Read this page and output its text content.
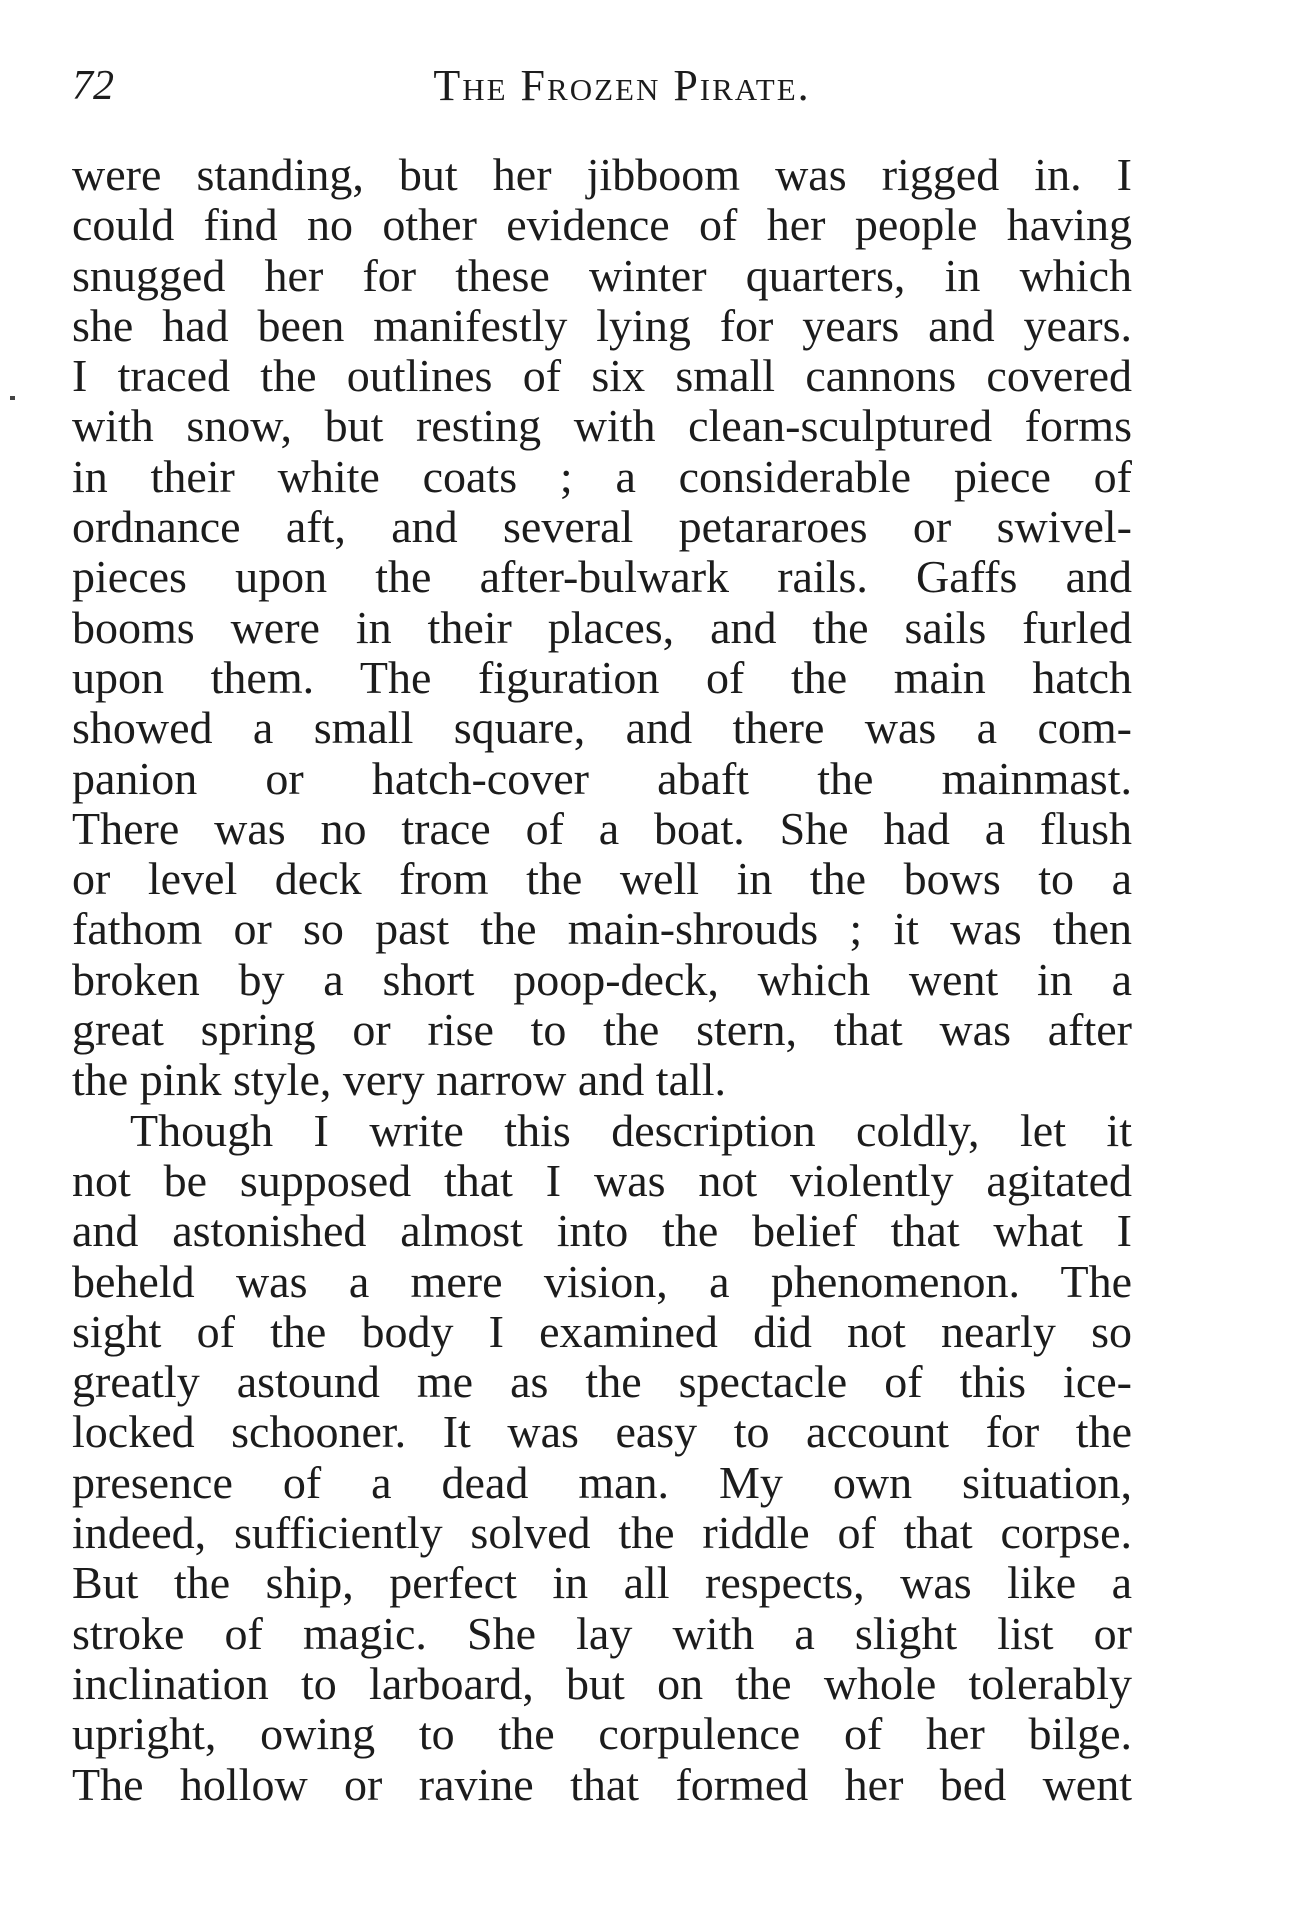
72	The Frozen Pirate.
were standing, but her jibboom was rigged in. I
could find no other evidence of her people having
snugged her for these winter quarters, in which
she had been manifestly lying for years and years.
I traced the outlines of six small cannons covered
with snow, but resting with clean-sculptured forms
in their white coats ; a considerable piece of
ordnance aft, and several petararoes or swivel-
pieces upon the after-bulwark rails. Gaffs and
booms were in their places, and the sails furled
upon them. The figuration of the main hatch
showed a small square, and there was a com-
panion or hatch-cover abaft the mainmast.
There was no trace of a boat. She had a flush
or level deck from the well in the bows to a
fathom or so past the main-shrouds ; it was then
broken by a short poop-deck, which went in a
great spring or rise to the stern, that was after
the pink style, very narrow and tall.
Though I write this description coldly, let it
not be supposed that I was not violently agitated
and astonished almost into the belief that what I
beheld was a mere vision, a phenomenon. The
sight of the body I examined did not nearly so
greatly astound me as the spectacle of this ice-
locked schooner. It was easy to account for the
presence of a dead man. My own situation,
indeed, sufficiently solved the riddle of that corpse.
But the ship, perfect in all respects, was like a
stroke of magic. She lay with a slight list or
inclination to larboard, but on the whole tolerably
upright, owing to the corpulence of her bilge.
The hollow or ravine that formed her bed went
